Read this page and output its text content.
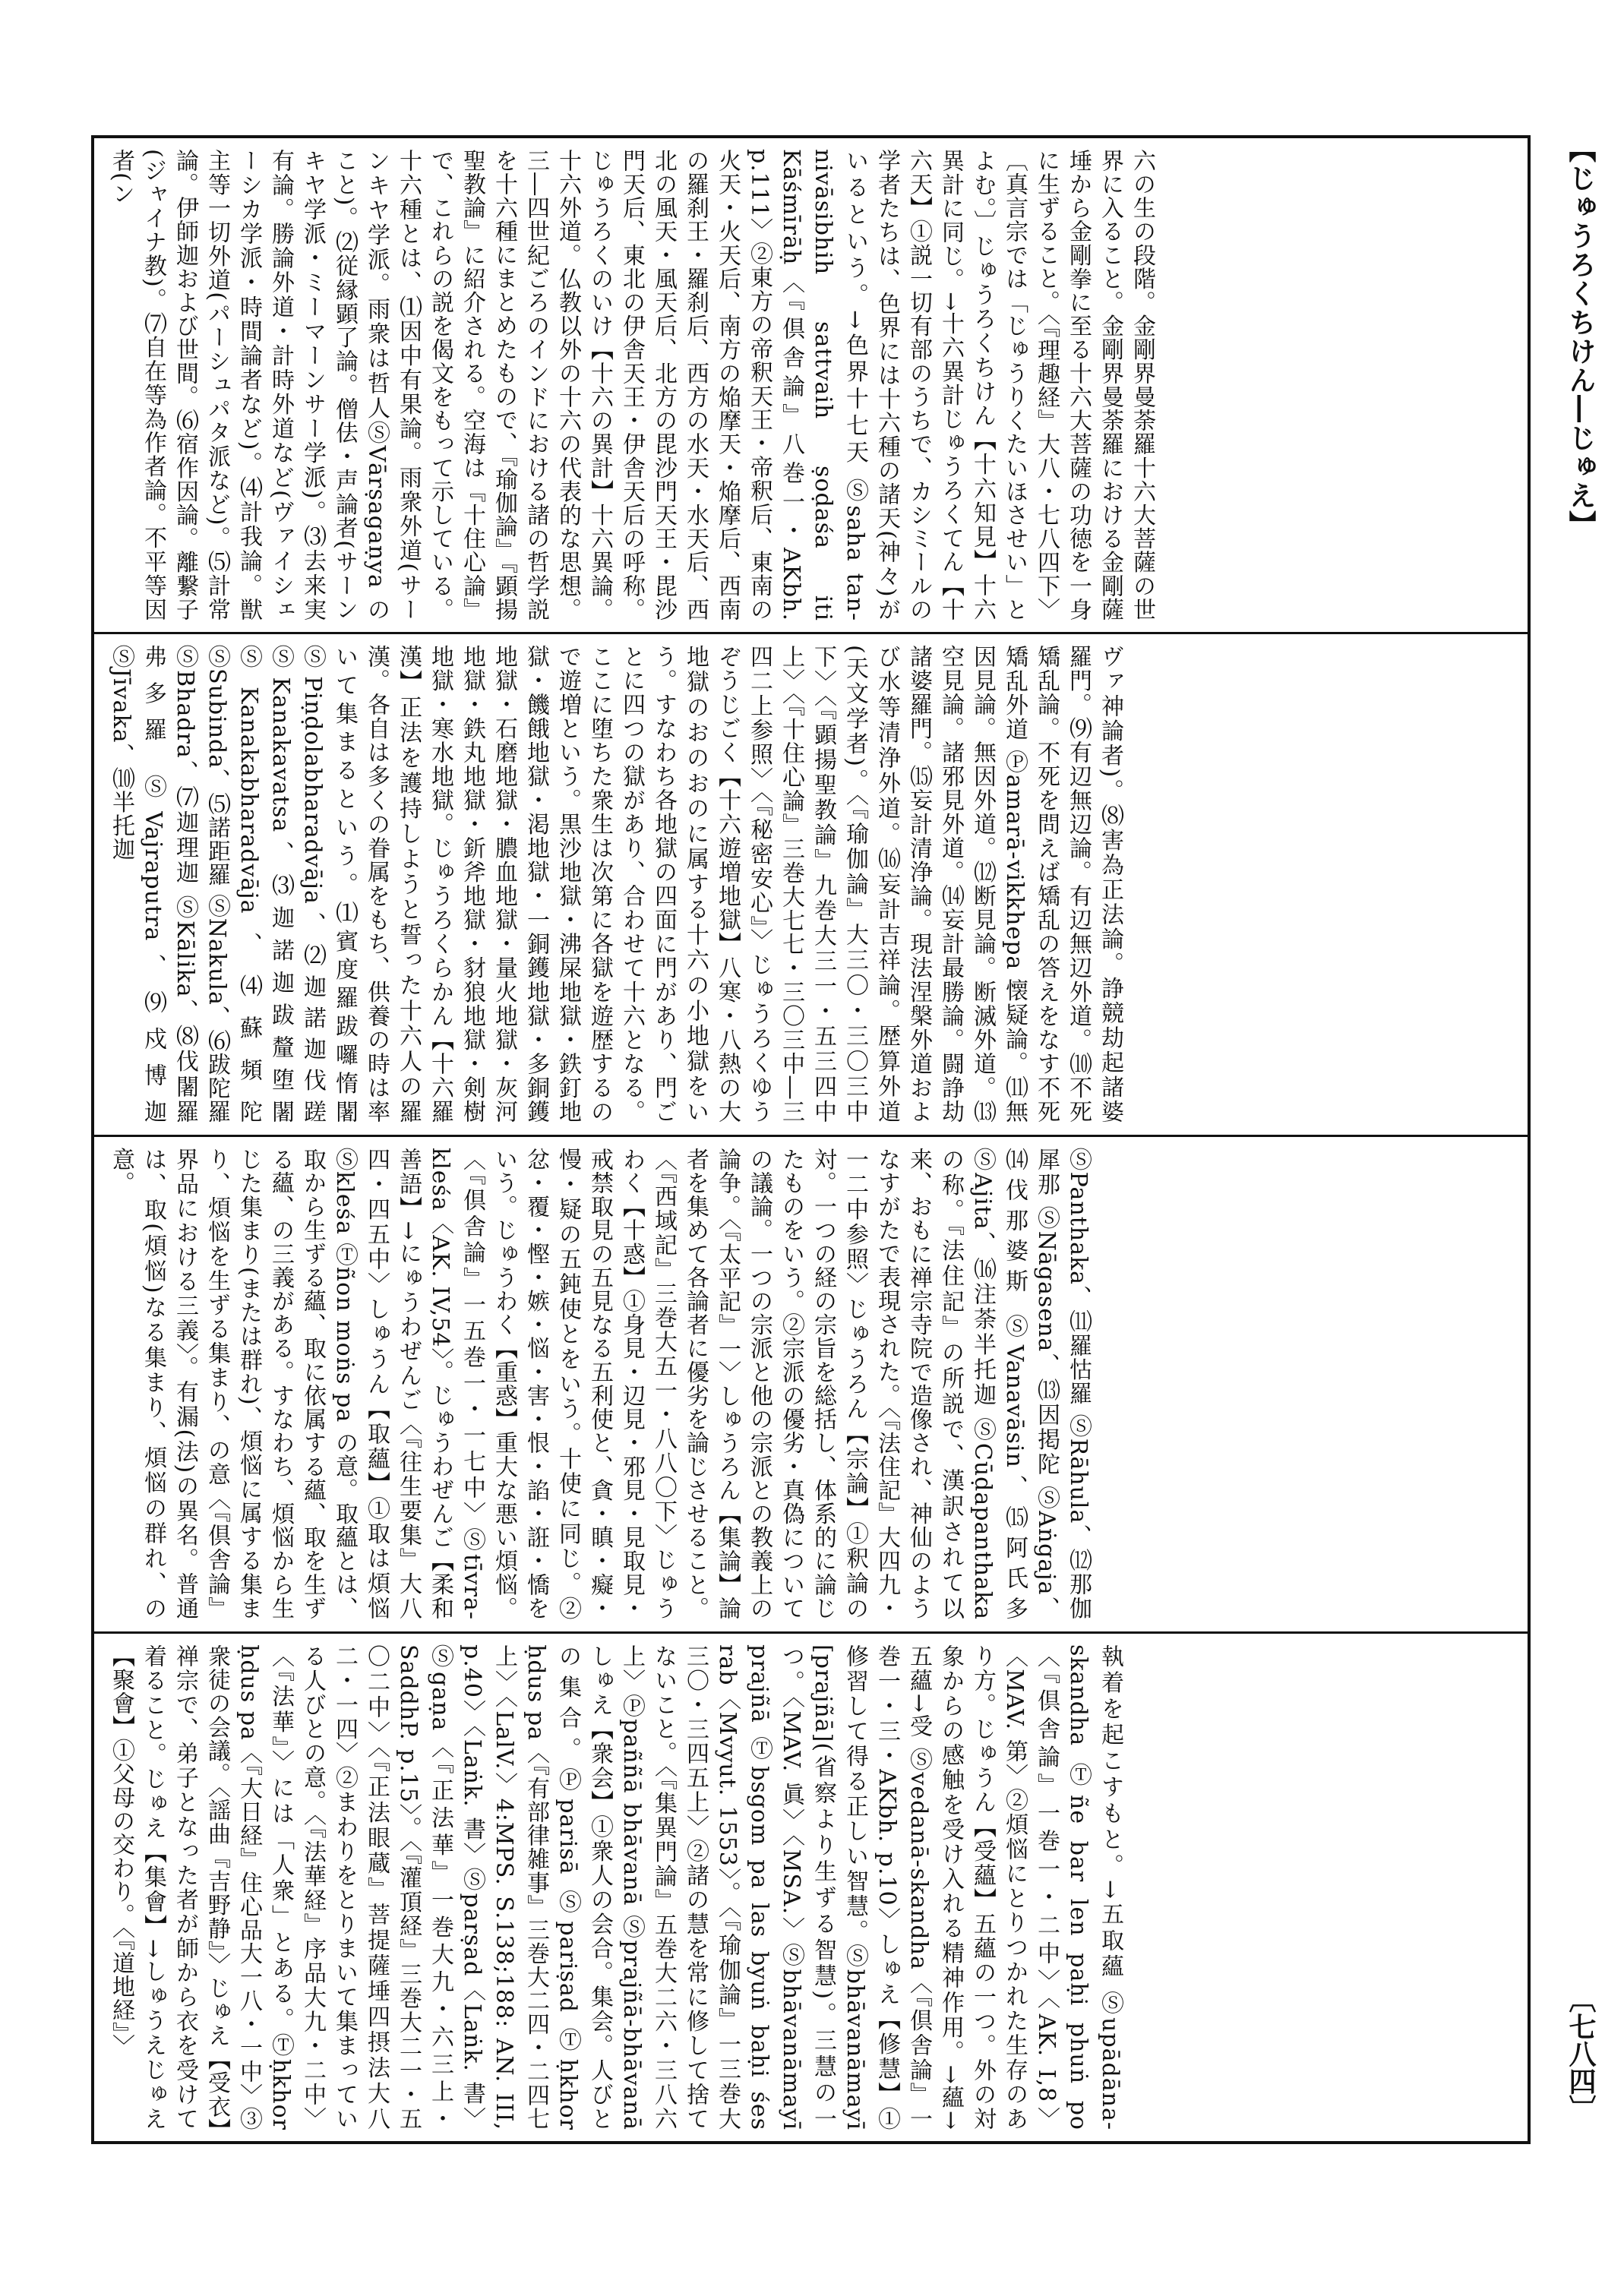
【じゅうろくちけん―じゅえ】
六の生の段階。金剛界曼荼羅十六大菩薩の世界に入ること。金剛界曼荼羅における金剛薩埵から金剛拳に至る十六大菩薩の功徳を一身に生ずること。〈『理趣経』大八・七八四下〉〔真言宗では「じゅうりくたいほさせい」とよむ。〕じゅうろくちけん【十六知見】十六異計に同じ。→十六異計じゅうろくてん【十六天】①説一切有部のうちで、カシミールの学者たちは、色界には十六種の諸天(神々)がいるという。→色界十七天 Ⓢsaha tan-nivāsibhih sattvaih ṣoḍaśa iti Kāśmīrāḥ〈『倶舎論』八巻一・AKbh. p.111〉②東方の帝釈天王・帝釈后、東南の火天・火天后、南方の焔摩天・焔摩后、西南の羅刹王・羅刹后、西方の水天・水天后、西北の風天・風天后、北方の毘沙門天王・毘沙門天后、東北の伊舎天王・伊舎天后の呼称。じゅうろくのいけ【十六の異計】十六異論。十六外道。仏教以外の十六の代表的な思想。三―四世紀ごろのインドにおける諸の哲学説を十六種にまとめたもので、『瑜伽論』『顕揚聖教論』に紹介される。空海は『十住心論』で、これらの説を偈文をもって示している。十六種とは、⑴因中有果論。雨衆外道(サーンキヤ学派。雨衆は哲人ⓈVārṣagaṇya のこと)。⑵従縁顕了論。僧佉・声論者(サーンキヤ学派・ミーマーンサー学派)。⑶去来実有論。勝論外道・計時外道など(ヴァイシェーシカ学派・時間論者など)。⑷計我論。獣主等一切外道(パーシュパタ派など)。⑸計常論。伊師迦および世間。⑹宿作因論。離繋子(ジャイナ教)。⑺自在等為作者論。不平等因者(ン
ヴァ神論者)。⑻害為正法論。諍競劫起諸婆羅門。⑼有辺無辺論。有辺無辺外道。⑽不死矯乱論。不死を問えば矯乱の答えをなす不死矯乱外道 Ⓟamarā-vikkhepa 懐疑論。⑾無因見論。無因外道。⑿断見論。断滅外道。⒀空見論。諸邪見外道。⒁妄計最勝論。闘諍劫諸婆羅門。⒂妄計清浄論。現法涅槃外道および水等清浄外道。⒃妄計吉祥論。歴算外道(天文学者)。〈『瑜伽論』大三〇・三〇三中下〉〈『顕揚聖教論』九巻大三一・五三四中上〉〈『十住心論』三巻大七七・三〇三中―三四二上参照〉〈『秘密安心』〉じゅうろくゆうぞうじごく【十六遊増地獄】八寒・八熱の大地獄のおのおのに属する十六の小地獄をいう。すなわち各地獄の四面に門があり、門ごとに四つの獄があり、合わせて十六となる。ここに堕ちた衆生は次第に各獄を遊歴するので遊増という。黒沙地獄・沸屎地獄・鉄釘地獄・饑餓地獄・渇地獄・一銅鑊地獄・多銅鑊地獄・石磨地獄・膿血地獄・量火地獄・灰河地獄・鉄丸地獄・釿斧地獄・豺狼地獄・剣樹地獄・寒水地獄。じゅうろくらかん【十六羅漢】正法を護持しようと誓った十六人の羅漢。各自は多くの眷属をもち、供養の時は率いて集まるという。⑴賓度羅跋囉惰闍 ⓈPiṇḍolabharadvāja、⑵迦諾迦伐蹉 ⓈKanakavatsa、⑶迦諾迦跋釐堕闍 ⓈKanakabharadvāja、⑷蘇頻陀 ⓈSubinda、⑸諾距羅 ⓈNakula、⑹跋陀羅 ⓈBhadra、⑺迦理迦 ⓈKālika、⑻伐闍羅弗多羅 ⓈVajraputra、⑼戍博迦 ⓈJīvaka、⑽半托迦
ⓈPanthaka、⑾羅怙羅 ⓈRāhula、⑿那伽犀那 ⓈNāgasena、⒀因掲陀 ⓈAṅgaja、⒁伐那婆斯 ⓈVanavāsin、⒂阿氏多 ⓈAjita、⒃注荼半托迦 ⓈCūḍapanthaka の称。『法住記』の所説で、漢訳されて以来、おもに禅宗寺院で造像され、神仙のようなすがたで表現された。〈『法住記』大四九・一二中参照〉じゅうろん【宗論】①釈論の対。一つの経の宗旨を総括し、体系的に論じたものをいう。②宗派の優劣・真偽についての議論。一つの宗派と他の宗派との教義上の論争。〈『太平記』一〉しゅうろん【集論】論者を集めて各論者に優劣を論じさせること。〈『西域記』三巻大五一・八八〇下〉じゅうわく【十惑】①身見・辺見・邪見・見取見・戒禁取見の五見なる五利使と、貪・瞋・癡・慢・疑の五鈍使とをいう。十使に同じ。②忿・覆・慳・嫉・悩・害・恨・諂・誑・憍をいう。じゅうわく【重惑】重大な悪い煩悩。〈『倶舎論』一五巻一・一七中〉Ⓢtīvra-kleśa〈AK. IV,54〉。じゅうわぜんご【柔和善語】→にゅうわぜんご〈『往生要集』大八四・四五中〉しゅうん【取蘊】①取は煩悩 Ⓢkleśa Ⓣñon moṅs pa の意。取蘊とは、取から生ずる蘊、取に依属する蘊、取を生ずる蘊、の三義がある。すなわち、煩悩から生じた集まり(または群れ)、煩悩に属する集まり、煩悩を生ずる集まり、の意〈『倶舎論』界品における三義〉。有漏(法)の異名。普通は、取(煩悩)なる集まり、煩悩の群れ、の意。
執着を起こすもと。→五取蘊 Ⓢupādāna-skandha Ⓣñe bar len paḥi phuṅ po〈『倶舎論』一巻一・二中〉〈AK. I,8〉〈MAV. 第〉②煩悩にとりつかれた生存のあり方。じゅうん【受蘊】五蘊の一つ。外の対象からの感触を受け入れる精神作用。→蘊→五蘊→受 Ⓢvedanā-skandha〈『倶舎論』一巻一・三・AKbh. p.10〉しゅえ【修慧】①修習して得る正しい智慧。Ⓢbhāvanāmayī [prajñā](省察より生ずる智慧)。三慧の一つ。〈MAV. 眞〉〈MSA.〉Ⓢbhāvanāmayī prajñā Ⓣbsgom pa las byuṅ baḥi śes rab〈Mvyut. 1553〉。〈『瑜伽論』一三巻大三〇・三四五上〉②諸の慧を常に修して捨てないこと。〈『集異門論』五巻大二六・三八六上〉Ⓟpaññā bhāvanā Ⓢprajñā-bhāvanā しゅえ【衆会】①衆人の会合。集会。人びとの集合。Ⓟparisā Ⓢpariṣad Ⓣḥkhor ḥdus pa〈『有部律雑事』三巻大二四・二四七上〉〈LalV.〉4:MPS. S.138;188: AN. III, p.40〉〈Laṅk. 書〉Ⓢparṣad〈Laṅk. 書〉Ⓢgaṇa〈『正法華』一巻大九・六三上・SaddhP. p.15〉。〈『灌頂経』三巻大二一・五〇二中〉〈『正法眼蔵』菩提薩埵四摂法大八二・一四〉②まわりをとりまいて集まっている人びとの意。〈『法華経』序品大九・二中〉〈『法華』〉には「人衆」とある。Ⓣḥkhor ḥdus pa〈『大日経』住心品大一八・一中〉③衆徒の会議。〈謡曲『吉野静』〉じゅえ【受衣】禅宗で、弟子となった者が師から衣を受けて着ること。じゅえ【集會】→しゅうえじゅえ【聚會】①父母の交わり。〈『道地経』〉	〔七八四〕
